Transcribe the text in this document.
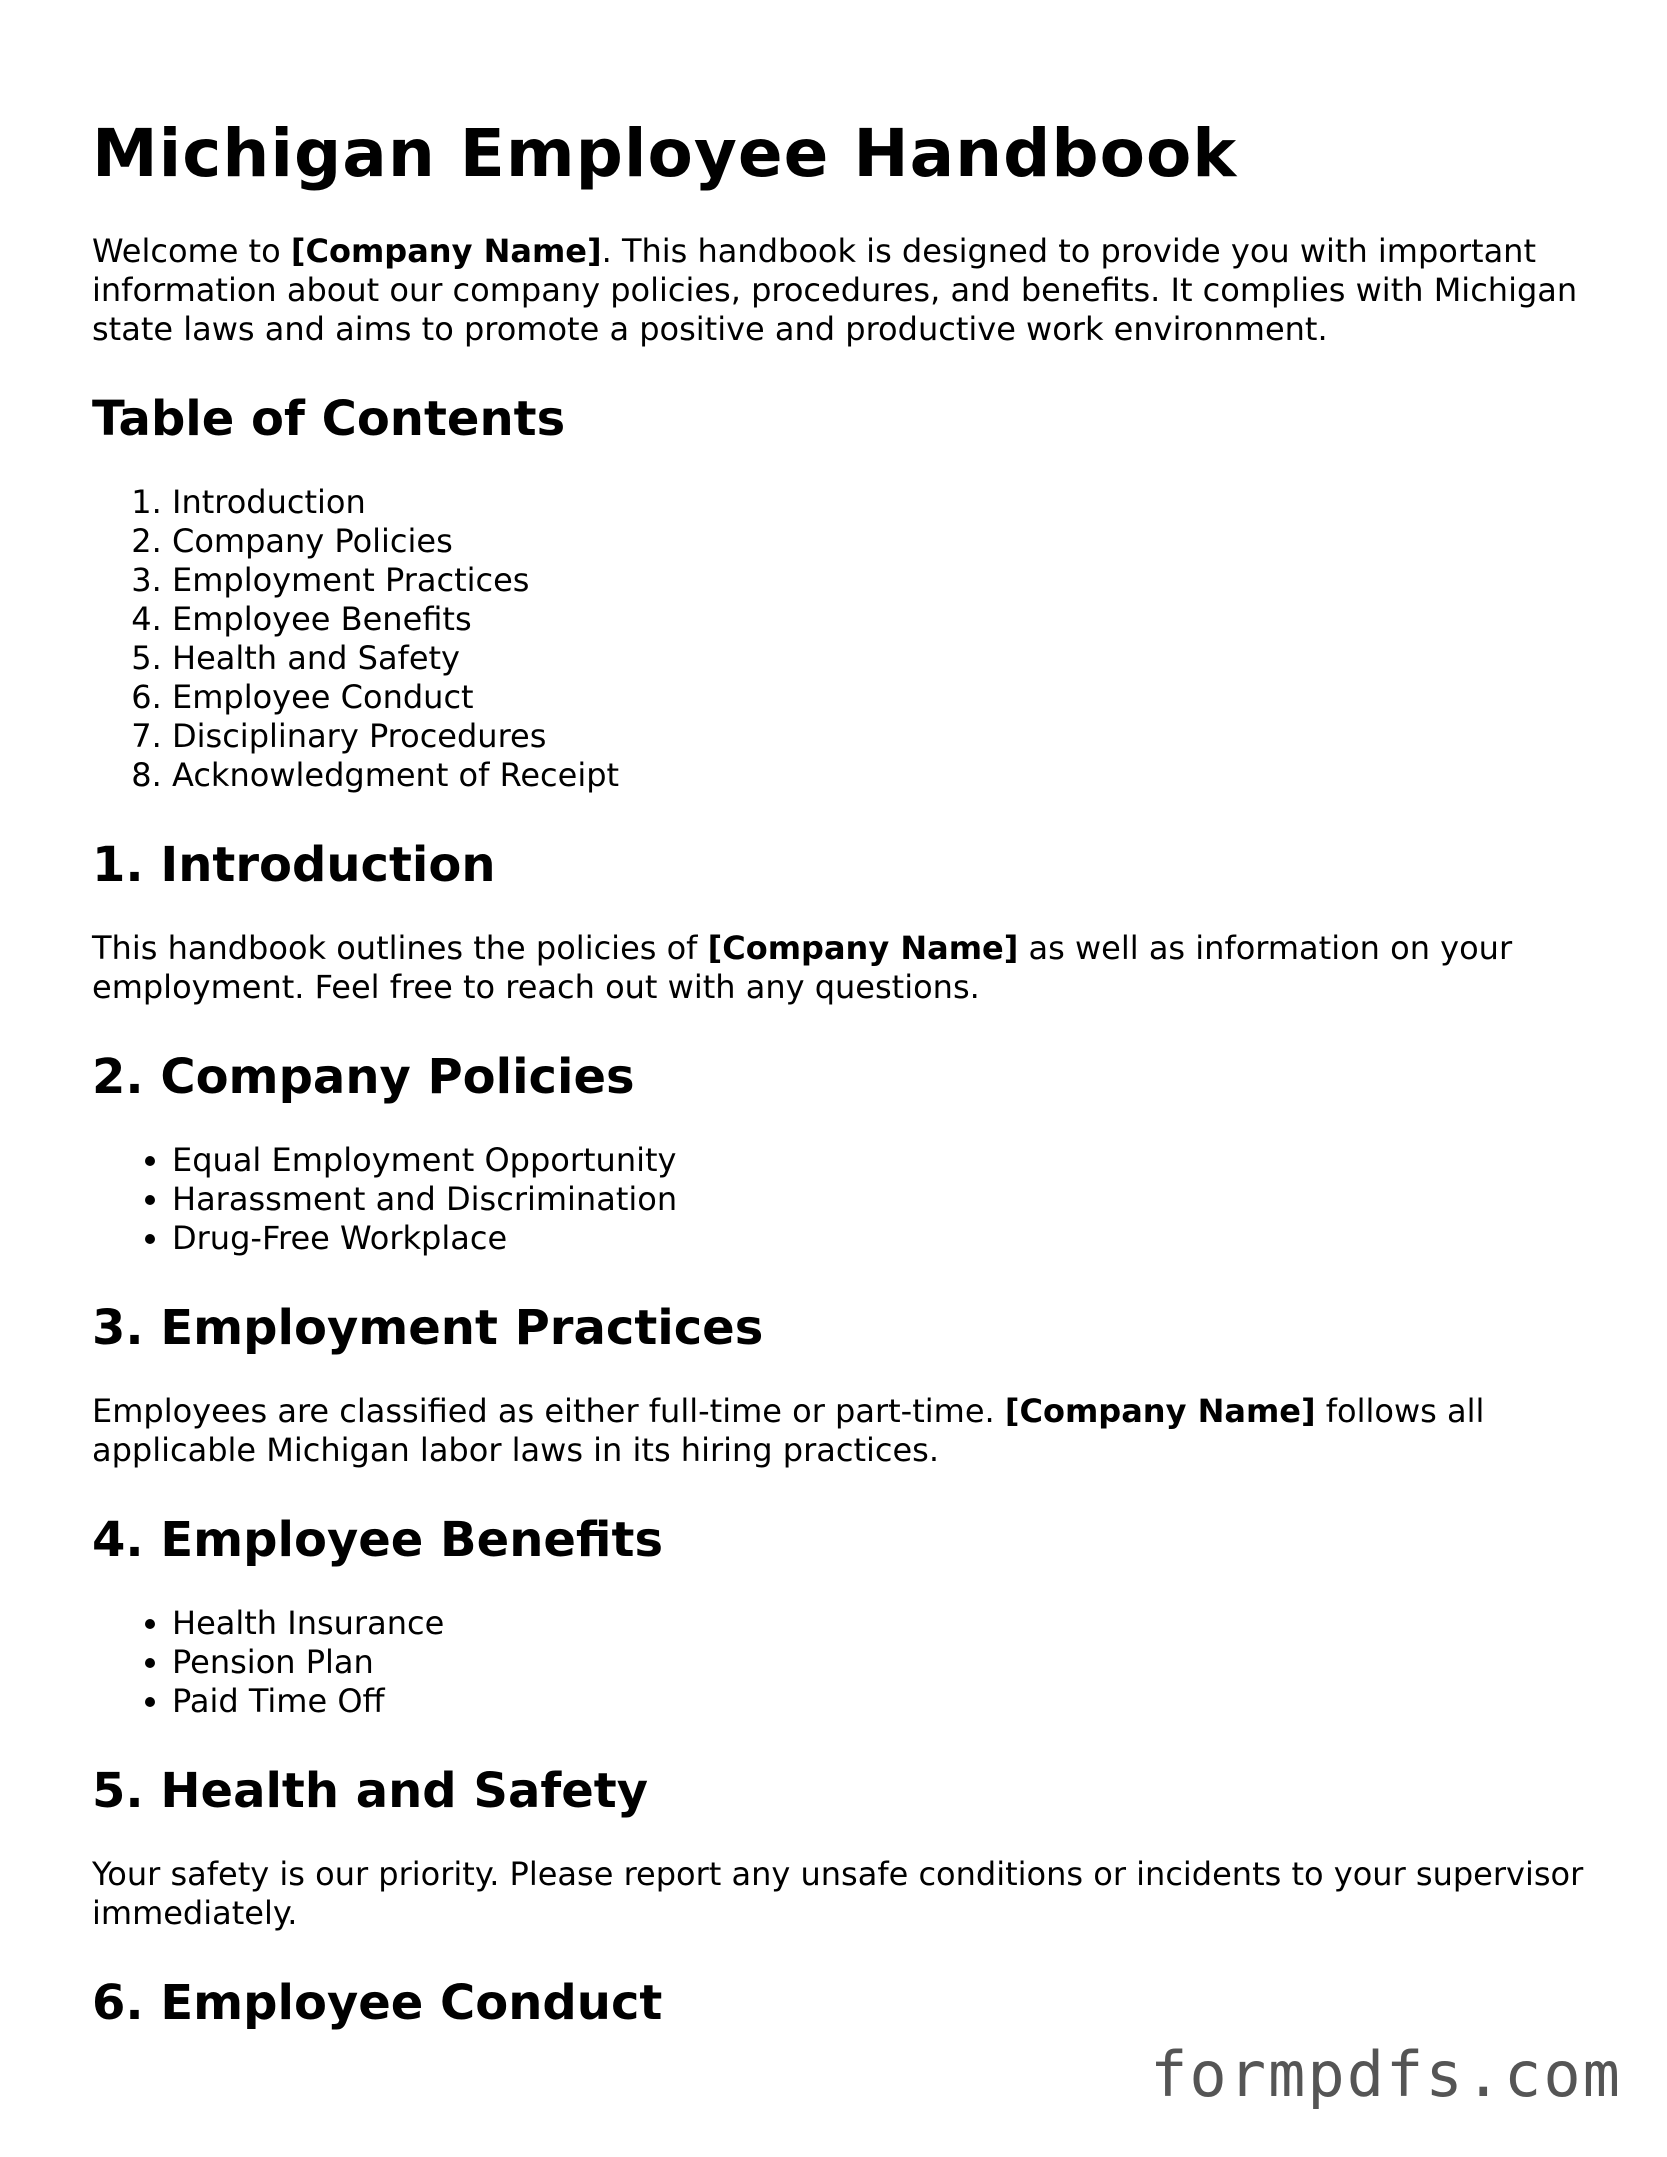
Michigan Employee Handbook

Welcome to [Company Name]. This handbook is designed to provide you with important information about our company policies, procedures, and benefits. It complies with Michigan state laws and aims to promote a positive and productive work environment.

Table of Contents
1. Introduction
2. Company Policies
3. Employment Practices
4. Employee Benefits
5. Health and Safety
6. Employee Conduct
7. Disciplinary Procedures
8. Acknowledgment of Receipt
1. Introduction

This handbook outlines the policies of [Company Name] as well as information on your employment. Feel free to reach out with any questions.

2. Company Policies
• Equal Employment Opportunity
• Harassment and Discrimination
• Drug-Free Workplace
3. Employment Practices

Employees are classified as either full-time or part-time. [Company Name] follows all applicable Michigan labor laws in its hiring practices.

4. Employee Benefits
• Health Insurance
• Pension Plan
• Paid Time Off
5. Health and Safety

Your safety is our priority. Please report any unsafe conditions or incidents to your supervisor immediately.

6. Employee Conduct
formpdfs.com
